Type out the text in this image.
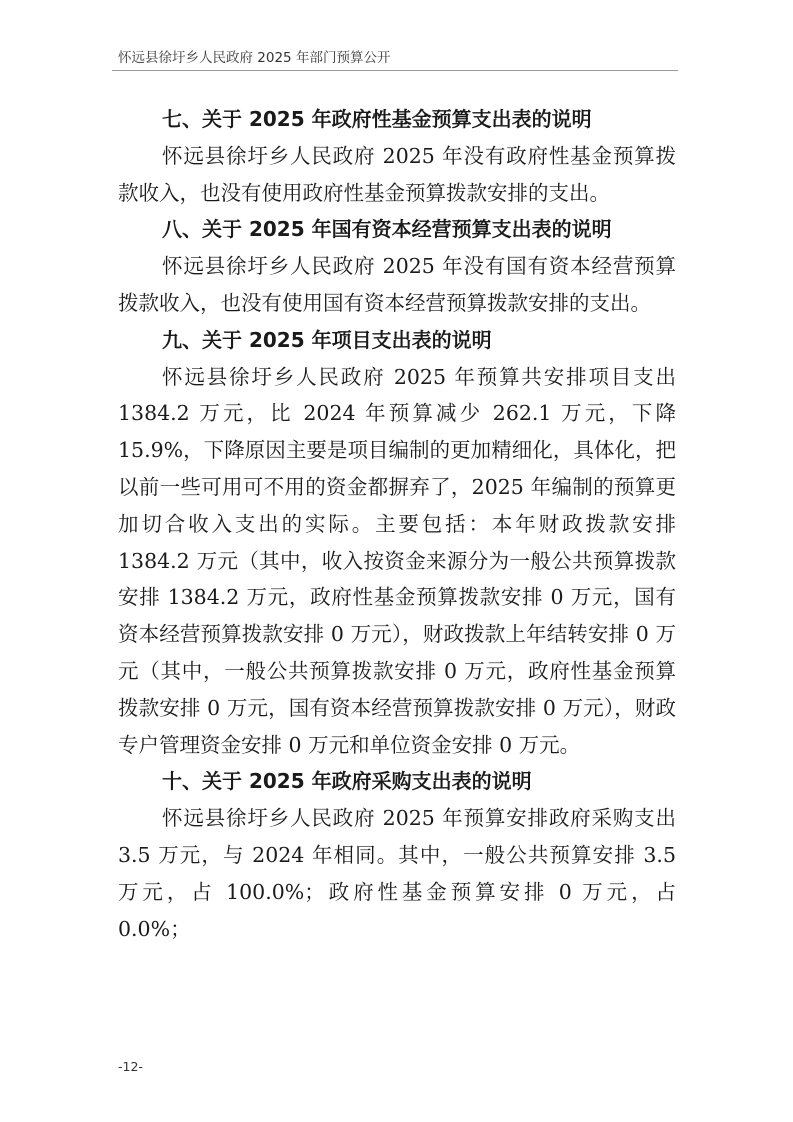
怀远县徐圩乡人民政府 2025 年部门预算公开
七、关于 2025 年政府性基金预算支出表的说明

怀远县徐圩乡人民政府 2025 年没有政府性基金预算拨款收入，也没有使用政府性基金预算拨款安排的支出。

八、关于 2025 年国有资本经营预算支出表的说明

怀远县徐圩乡人民政府 2025 年没有国有资本经营预算拨款收入，也没有使用国有资本经营预算拨款安排的支出。

九、关于 2025 年项目支出表的说明

怀远县徐圩乡人民政府 2025 年预算共安排项目支出 1384.2 万元，比 2024 年预算减少 262.1 万元，下降 15.9%，下降原因主要是项目编制的更加精细化，具体化，把以前一些可用可不用的资金都摒弃了，2025 年编制的预算更加切合收入支出的实际。主要包括：本年财政拨款安排 1384.2 万元（其中，收入按资金来源分为一般公共预算拨款安排 1384.2 万元，政府性基金预算拨款安排 0 万元，国有资本经营预算拨款安排 0 万元），财政拨款上年结转安排 0 万元（其中，一般公共预算拨款安排 0 万元，政府性基金预算拨款安排 0 万元，国有资本经营预算拨款安排 0 万元），财政专户管理资金安排 0 万元和单位资金安排 0 万元。

十、关于 2025 年政府采购支出表的说明

怀远县徐圩乡人民政府 2025 年预算安排政府采购支出 3.5 万元，与 2024 年相同。其中，一般公共预算安排 3.5 万元，占 100.0%；政府性基金预算安排 0 万元，占 0.0%；

-12-
